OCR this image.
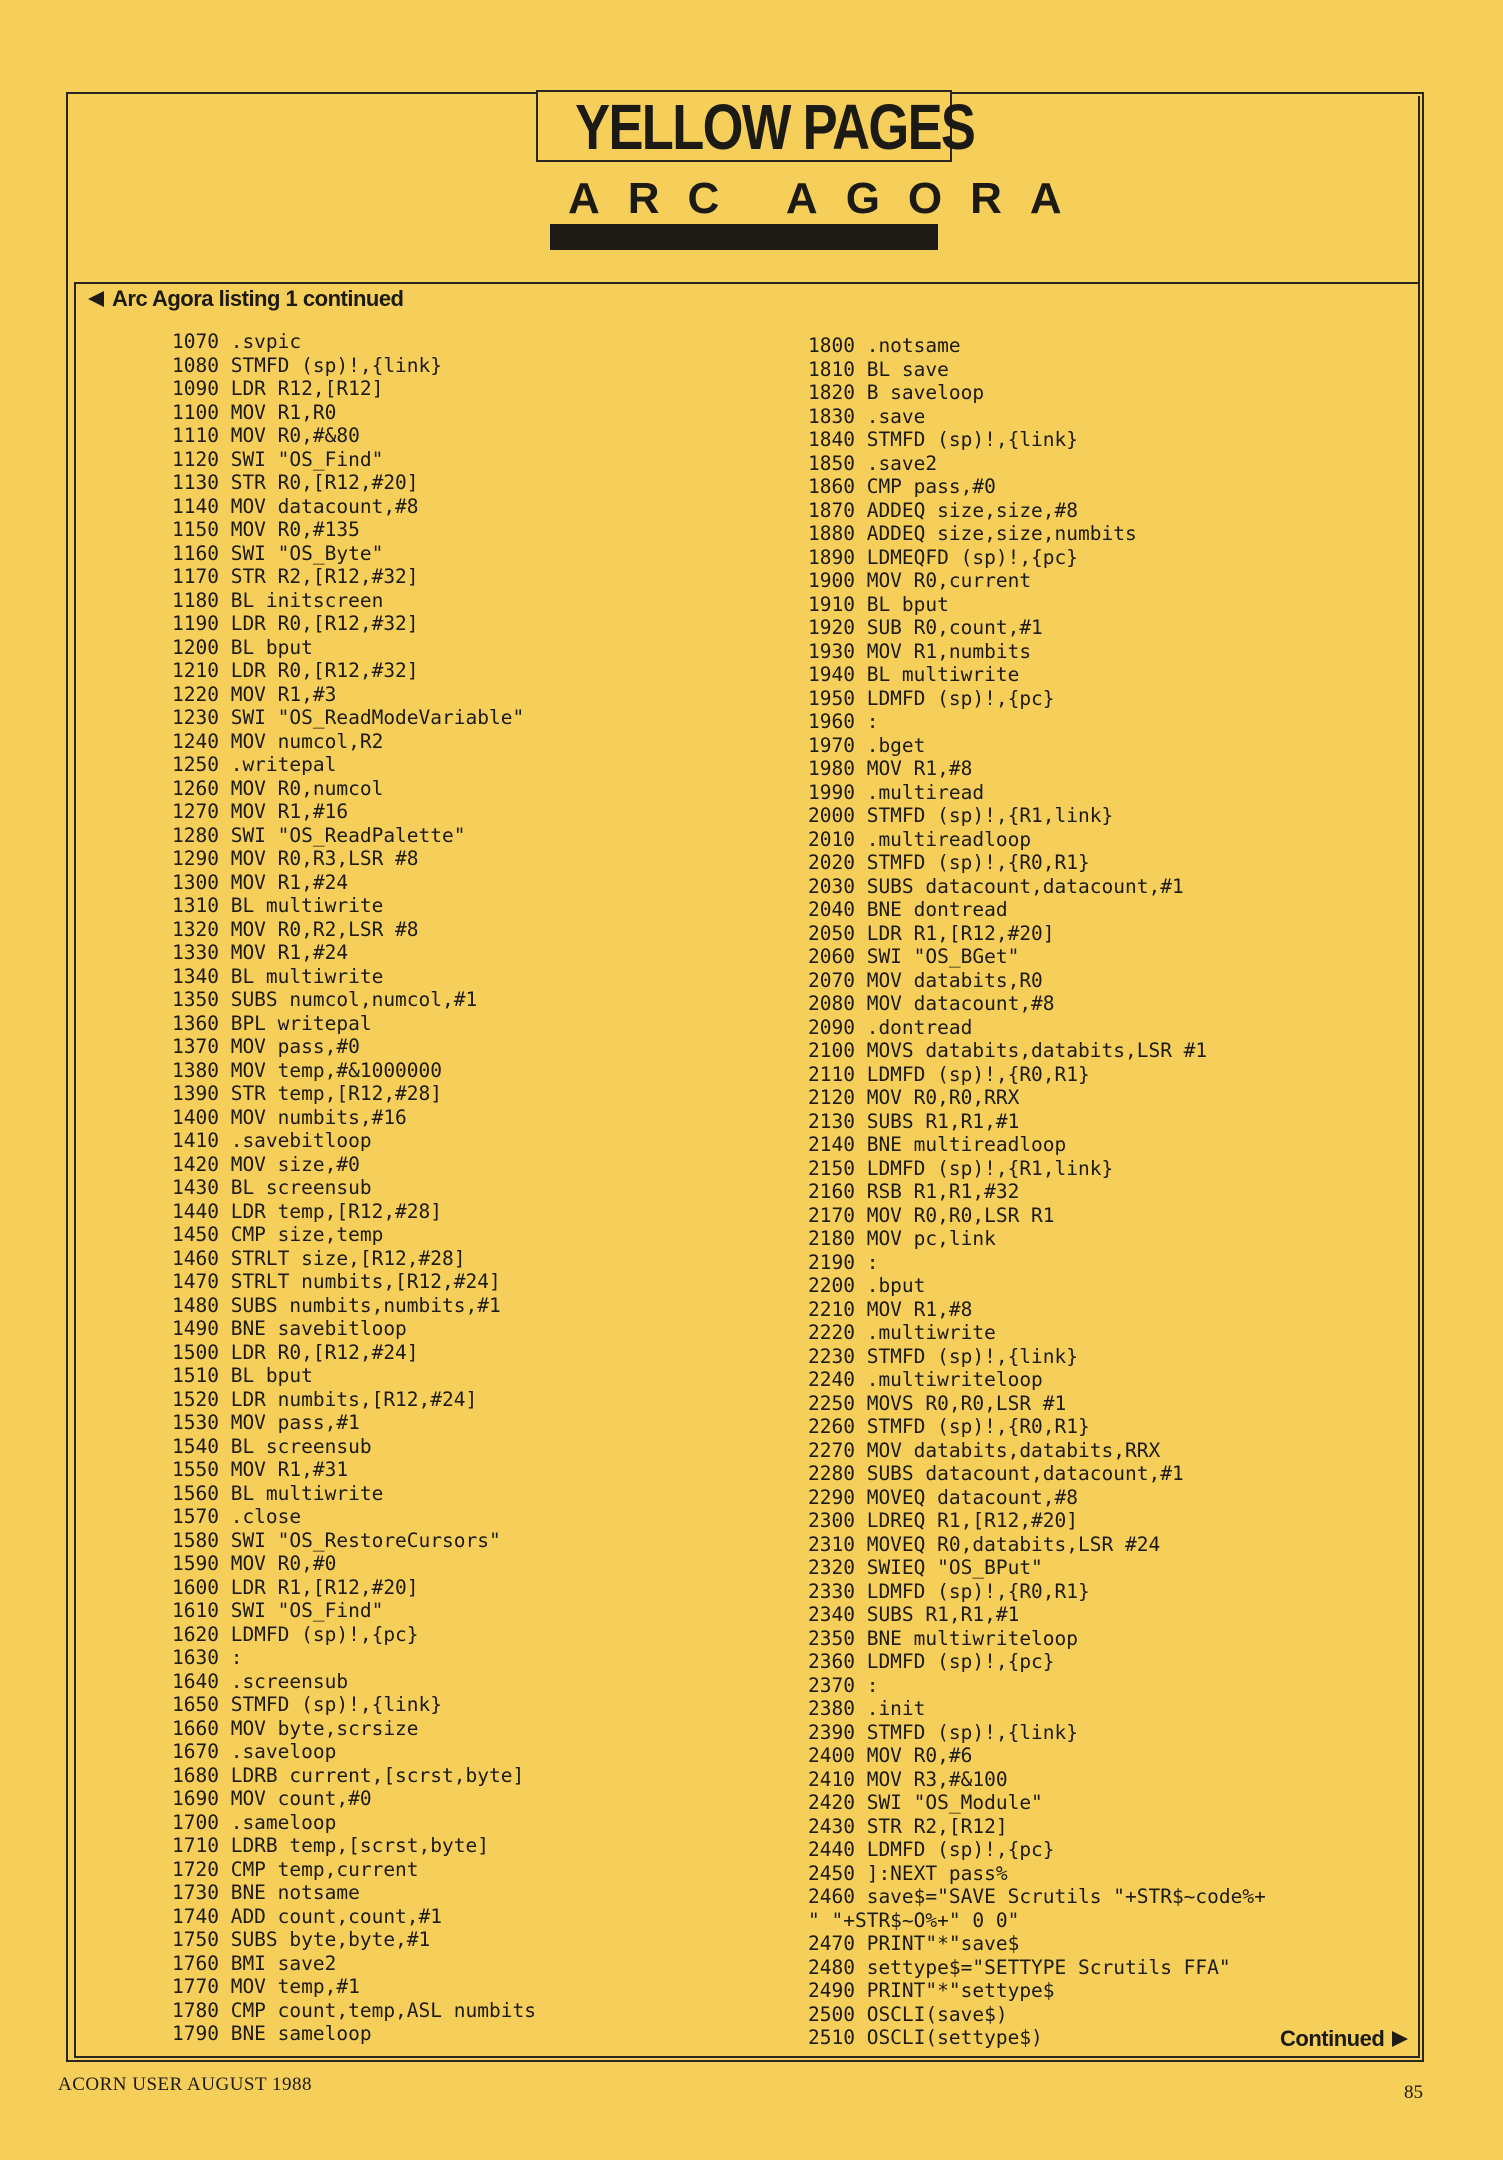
YELLOW PAGES
ARC AGORA
Arc Agora listing 1 continued
1070 .svpic
1080 STMFD (sp)!,{link}
1090 LDR R12,[R12]
1100 MOV R1,R0
1110 MOV R0,#&80
1120 SWI "OS_Find"
1130 STR R0,[R12,#20]
1140 MOV datacount,#8
1150 MOV R0,#135
1160 SWI "OS_Byte"
1170 STR R2,[R12,#32]
1180 BL initscreen
1190 LDR R0,[R12,#32]
1200 BL bput
1210 LDR R0,[R12,#32]
1220 MOV R1,#3
1230 SWI "OS_ReadModeVariable"
1240 MOV numcol,R2
1250 .writepal
1260 MOV R0,numcol
1270 MOV R1,#16
1280 SWI "OS_ReadPalette"
1290 MOV R0,R3,LSR #8
1300 MOV R1,#24
1310 BL multiwrite
1320 MOV R0,R2,LSR #8
1330 MOV R1,#24
1340 BL multiwrite
1350 SUBS numcol,numcol,#1
1360 BPL writepal
1370 MOV pass,#0
1380 MOV temp,#&1000000
1390 STR temp,[R12,#28]
1400 MOV numbits,#16
1410 .savebitloop
1420 MOV size,#0
1430 BL screensub
1440 LDR temp,[R12,#28]
1450 CMP size,temp
1460 STRLT size,[R12,#28]
1470 STRLT numbits,[R12,#24]
1480 SUBS numbits,numbits,#1
1490 BNE savebitloop
1500 LDR R0,[R12,#24]
1510 BL bput
1520 LDR numbits,[R12,#24]
1530 MOV pass,#1
1540 BL screensub
1550 MOV R1,#31
1560 BL multiwrite
1570 .close
1580 SWI "OS_RestoreCursors"
1590 MOV R0,#0
1600 LDR R1,[R12,#20]
1610 SWI "OS_Find"
1620 LDMFD (sp)!,{pc}
1630 :
1640 .screensub
1650 STMFD (sp)!,{link}
1660 MOV byte,scrsize
1670 .saveloop
1680 LDRB current,[scrst,byte]
1690 MOV count,#0
1700 .sameloop
1710 LDRB temp,[scrst,byte]
1720 CMP temp,current
1730 BNE notsame
1740 ADD count,count,#1
1750 SUBS byte,byte,#1
1760 BMI save2
1770 MOV temp,#1
1780 CMP count,temp,ASL numbits
1790 BNE sameloop
1800 .notsame
1810 BL save
1820 B saveloop
1830 .save
1840 STMFD (sp)!,{link}
1850 .save2
1860 CMP pass,#0
1870 ADDEQ size,size,#8
1880 ADDEQ size,size,numbits
1890 LDMEQFD (sp)!,{pc}
1900 MOV R0,current
1910 BL bput
1920 SUB R0,count,#1
1930 MOV R1,numbits
1940 BL multiwrite
1950 LDMFD (sp)!,{pc}
1960 :
1970 .bget
1980 MOV R1,#8
1990 .multiread
2000 STMFD (sp)!,{R1,link}
2010 .multireadloop
2020 STMFD (sp)!,{R0,R1}
2030 SUBS datacount,datacount,#1
2040 BNE dontread
2050 LDR R1,[R12,#20]
2060 SWI "OS_BGet"
2070 MOV databits,R0
2080 MOV datacount,#8
2090 .dontread
2100 MOVS databits,databits,LSR #1
2110 LDMFD (sp)!,{R0,R1}
2120 MOV R0,R0,RRX
2130 SUBS R1,R1,#1
2140 BNE multireadloop
2150 LDMFD (sp)!,{R1,link}
2160 RSB R1,R1,#32
2170 MOV R0,R0,LSR R1
2180 MOV pc,link
2190 :
2200 .bput
2210 MOV R1,#8
2220 .multiwrite
2230 STMFD (sp)!,{link}
2240 .multiwriteloop
2250 MOVS R0,R0,LSR #1
2260 STMFD (sp)!,{R0,R1}
2270 MOV databits,databits,RRX
2280 SUBS datacount,datacount,#1
2290 MOVEQ datacount,#8
2300 LDREQ R1,[R12,#20]
2310 MOVEQ R0,databits,LSR #24
2320 SWIEQ "OS_BPut"
2330 LDMFD (sp)!,{R0,R1}
2340 SUBS R1,R1,#1
2350 BNE multiwriteloop
2360 LDMFD (sp)!,{pc}
2370 :
2380 .init
2390 STMFD (sp)!,{link}
2400 MOV R0,#6
2410 MOV R3,#&100
2420 SWI "OS_Module"
2430 STR R2,[R12]
2440 LDMFD (sp)!,{pc}
2450 ]:NEXT pass%
2460 save$="SAVE Scrutils "+STR$~code%+
" "+STR$~O%+" 0 0"
2470 PRINT"*"save$
2480 settype$="SETTYPE Scrutils FFA"
2490 PRINT"*"settype$
2500 OSCLI(save$)
2510 OSCLI(settype$)	Continued
ACORN USER AUGUST 1988	85
